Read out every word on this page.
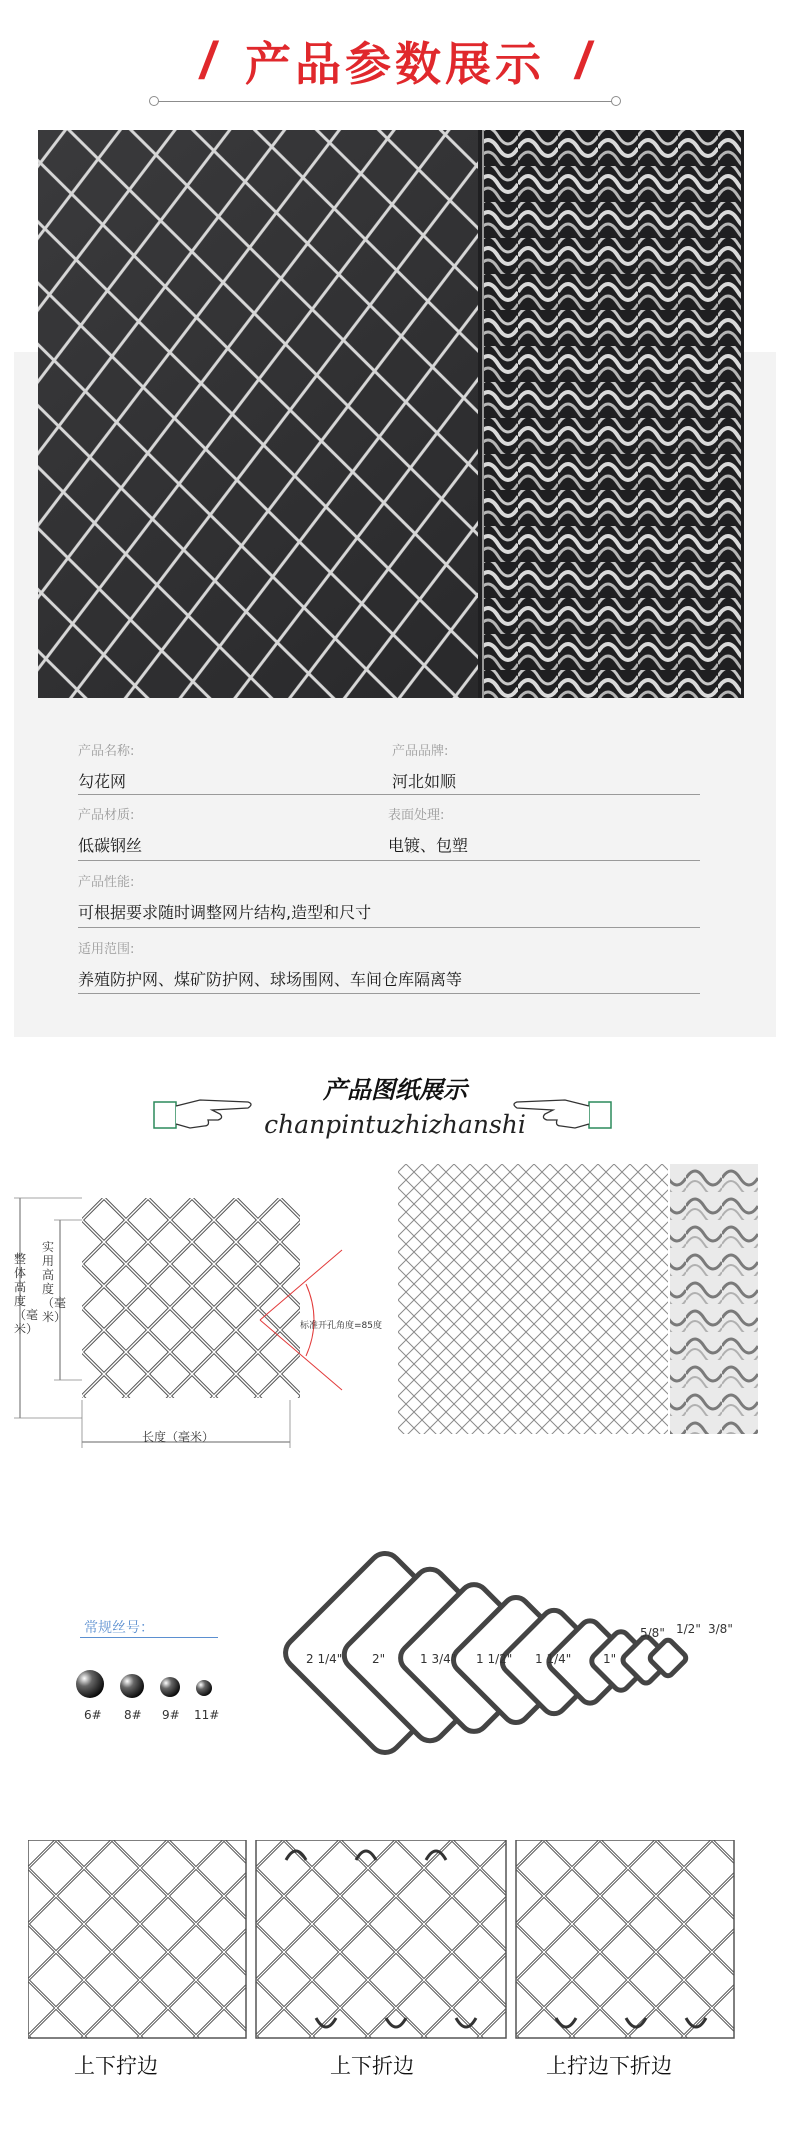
/ 产品参数展示 /
产品名称:
勾花网
产品品牌:
河北如顺
产品材质:
低碳钢丝
表面处理:
电镀、包塑
产品性能:
可根据要求随时调整网片结构,造型和尺寸
适用范围:
养殖防护网、煤矿防护网、球场围网、车间仓库隔离等
产品图纸展示
chanpintuzhizhanshi
整体高度（毫米）
实用高度（毫米）
标准开孔角度=85度
长度（毫米）
2 1/4" 2"	1 3/4" 1 1/2" 1 1/4"	1"
5/8" 1/2" 3/8"
常规丝号：
6# 8# 9# 11#
上下拧边	上下折边	上拧边下折边
